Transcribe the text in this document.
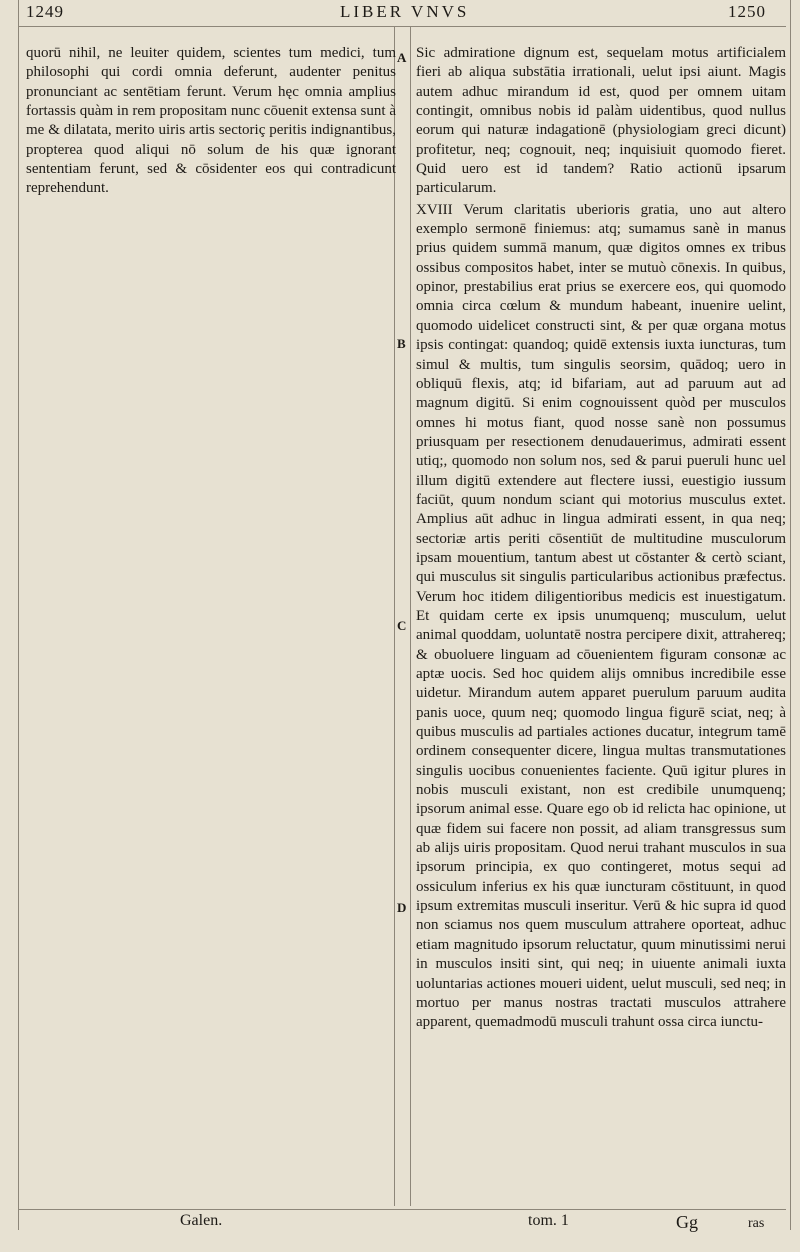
1249	LIBER VNVS	1250

quorū nihil, ne leuiter quidem, scientes tum medici, tum philosophi qui cordi omnia deferunt, audenter penitus pronunciant ac sentētiam ferunt. Verum hęc omnia amplius fortassis quàm in rem propositam nunc cōuenit extensa sunt à me & dilatata, merito uiris artis sectoriç peritis indignantibus, propterea quod aliqui nō solum de his quæ ignorant sententiam ferunt, sed & cōsidenter eos qui contradicunt reprehendunt.

A
B
C
D

Sic admiratione dignum est, sequelam motus artificialem fieri ab aliqua substātia irrationali, uelut ipsi aiunt. Magis autem adhuc mirandum id est, quod per omnem uitam contingit, omnibus nobis id palàm uidentibus, quod nullus eorum qui naturæ indagationē (physiologiam greci dicunt) profitetur, neq; cognouit, neq; inquisiuit quomodo fieret. Quid uero est id tandem? Ratio actionū ipsarum particularum.

XVIII Verum claritatis uberioris gratia, uno aut altero exemplo sermonē finiemus: atq; sumamus sanè in manus prius quidem summā manum, quæ digitos omnes ex tribus ossibus compositos habet, inter se mutuò cōnexis. In quibus, opinor, prestabilius erat prius se exercere eos, qui quomodo omnia circa cœlum & mundum habeant, inuenire uelint, quomodo uidelicet constructi sint, & per quæ organa motus ipsis contingat: quandoq; quidē extensis iuxta iuncturas, tum simul & multis, tum singulis seorsim, quādoq; uero in obliquū flexis, atq; id bifariam, aut ad paruum aut ad magnum digitū. Si enim cognouissent quòd per musculos omnes hi motus fiant, quod nosse sanè non possumus priusquam per resectionem denudauerimus, admirati essent utiq;, quomodo non solum nos, sed & parui pueruli hunc uel illum digitū extendere aut flectere iussi, euestigio iussum faciūt, quum nondum sciant qui motorius musculus extet. Amplius aūt adhuc in lingua admirati essent, in qua neq; sectoriæ artis periti cōsentiūt de multitudine musculorum ipsam mouentium, tantum abest ut cōstanter & certò sciant, qui musculus sit singulis particularibus actionibus præfectus. Verum hoc itidem diligentioribus medicis est inuestigatum. Et quidam certe ex ipsis unumquenq; musculum, uelut animal quoddam, uoluntatē nostra percipere dixit, attrahereq; & obuoluere linguam ad cōuenientem figuram consonæ ac aptæ uocis. Sed hoc quidem alijs omnibus incredibile esse uidetur. Mirandum autem apparet puerulum paruum audita panis uoce, quum neq; quomodo lingua figurē sciat, neq; à quibus musculis ad partiales actiones ducatur, integrum tamē ordinem consequenter dicere, lingua multas transmutationes singulis uocibus conuenientes faciente. Quū igitur plures in nobis musculi existant, non est credibile unumquenq; ipsorum animal esse. Quare ego ob id relicta hac opinione, ut quæ fidem sui facere non possit, ad aliam transgressus sum ab alijs uiris propositam. Quod nerui trahant musculos in sua ipsorum principia, ex quo contingeret, motus sequi ad ossiculum inferius ex his quæ iuncturam cōstituunt, in quod ipsum extremitas musculi inseritur. Verū & hic supra id quod non sciamus nos quem musculum attrahere oporteat, adhuc etiam magnitudo ipsorum reluctatur, quum minutissimi nerui in musculos insiti sint, qui neq; in uiuente animali iuxta uoluntarias actiones moueri uident, uelut musculi, sed neq; in mortuo per manus nostras tractati musculos attrahere apparent, quemadmodū musculi trahunt ossa circa iunctu-

Galen.	tom. 1	Gg	ras
